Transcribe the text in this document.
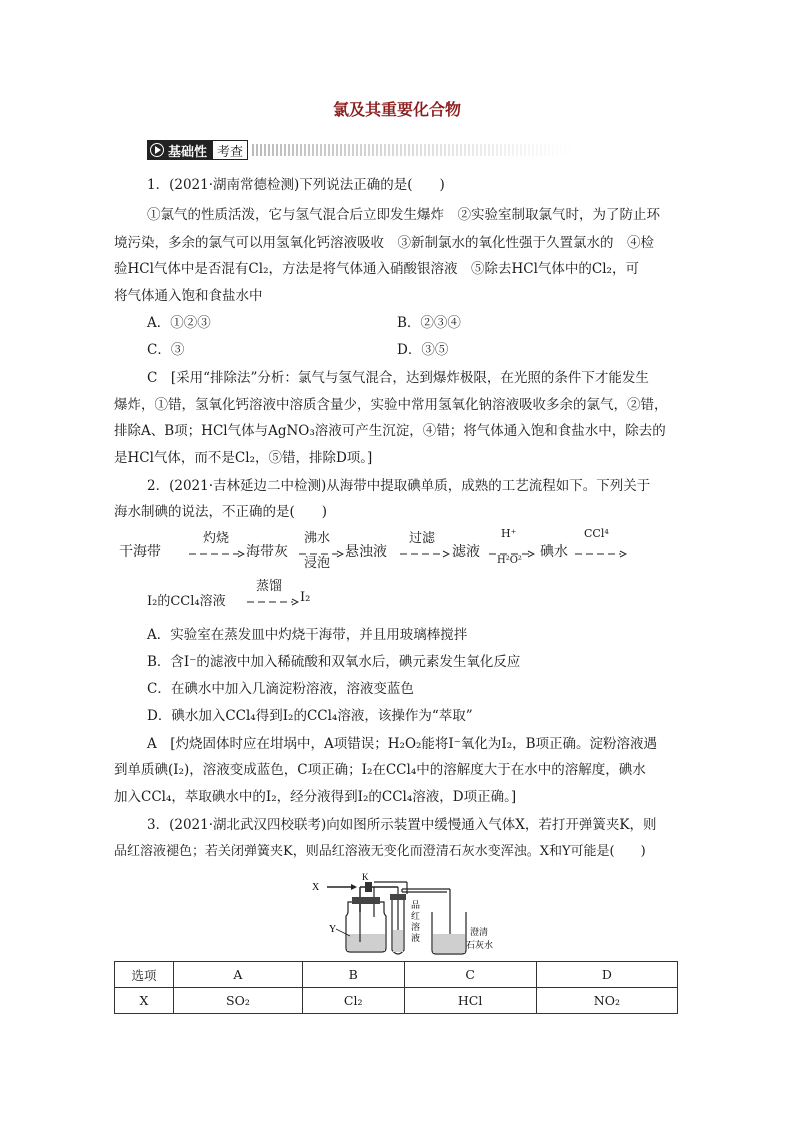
氯及其重要化合物
基础性 考查
1．(2021·湖南常德检测)下列说法正确的是(　　)
①氯气的性质活泼，它与氢气混合后立即发生爆炸　②实验室制取氯气时，为了防止环
境污染，多余的氯气可以用氢氧化钙溶液吸收　③新制氯水的氧化性强于久置氯水的　④检
验HCl气体中是否混有Cl₂，方法是将气体通入硝酸银溶液　⑤除去HCl气体中的Cl₂，可
将气体通入饱和食盐水中
A．①②③	B．②③④
C．③	D．③⑤
C　[采用“排除法”分析：氯气与氢气混合，达到爆炸极限，在光照的条件下才能发生
爆炸，①错，氢氧化钙溶液中溶质含量少，实验中常用氢氧化钠溶液吸收多余的氯气，②错，
排除A、B项；HCl气体与AgNO₃溶液可产生沉淀，④错；将气体通入饱和食盐水中，除去的
是HCl气体，而不是Cl₂，⑤错，排除D项。]
2．(2021·吉林延边二中检测)从海带中提取碘单质，成熟的工艺流程如下。下列关于
海水制碘的说法，不正确的是(　　)
干海带
灼烧
海带灰
沸水
浸泡
悬浊液
过滤
滤液
H⁺
H²O²
碘水
CCl⁴
I₂的CCl₄溶液
蒸馏
I₂
A．实验室在蒸发皿中灼烧干海带，并且用玻璃棒搅拌
B．含I⁻的滤液中加入稀硫酸和双氧水后，碘元素发生氧化反应
C．在碘水中加入几滴淀粉溶液，溶液变蓝色
D．碘水加入CCl₄得到I₂的CCl₄溶液，该操作为“萃取”
A　[灼烧固体时应在坩埚中，A项错误；H₂O₂能将I⁻氧化为I₂，B项正确。淀粉溶液遇
到单质碘(I₂)，溶液变成蓝色，C项正确；I₂在CCl₄中的溶解度大于在水中的溶解度，碘水
加入CCl₄，萃取碘水中的I₂，经分液得到I₂的CCl₄溶液，D项正确。]
3．(2021·湖北武汉四校联考)向如图所示装置中缓慢通入气体X，若打开弹簧夹K，则
品红溶液褪色；若关闭弹簧夹K，则品红溶液无变化而澄清石灰水变浑浊。X和Y可能是(　　)
X
K
Y
品
红
溶
液
澄清
石灰水
选项	A	B	C	D
X	SO₂	Cl₂	HCl	NO₂
